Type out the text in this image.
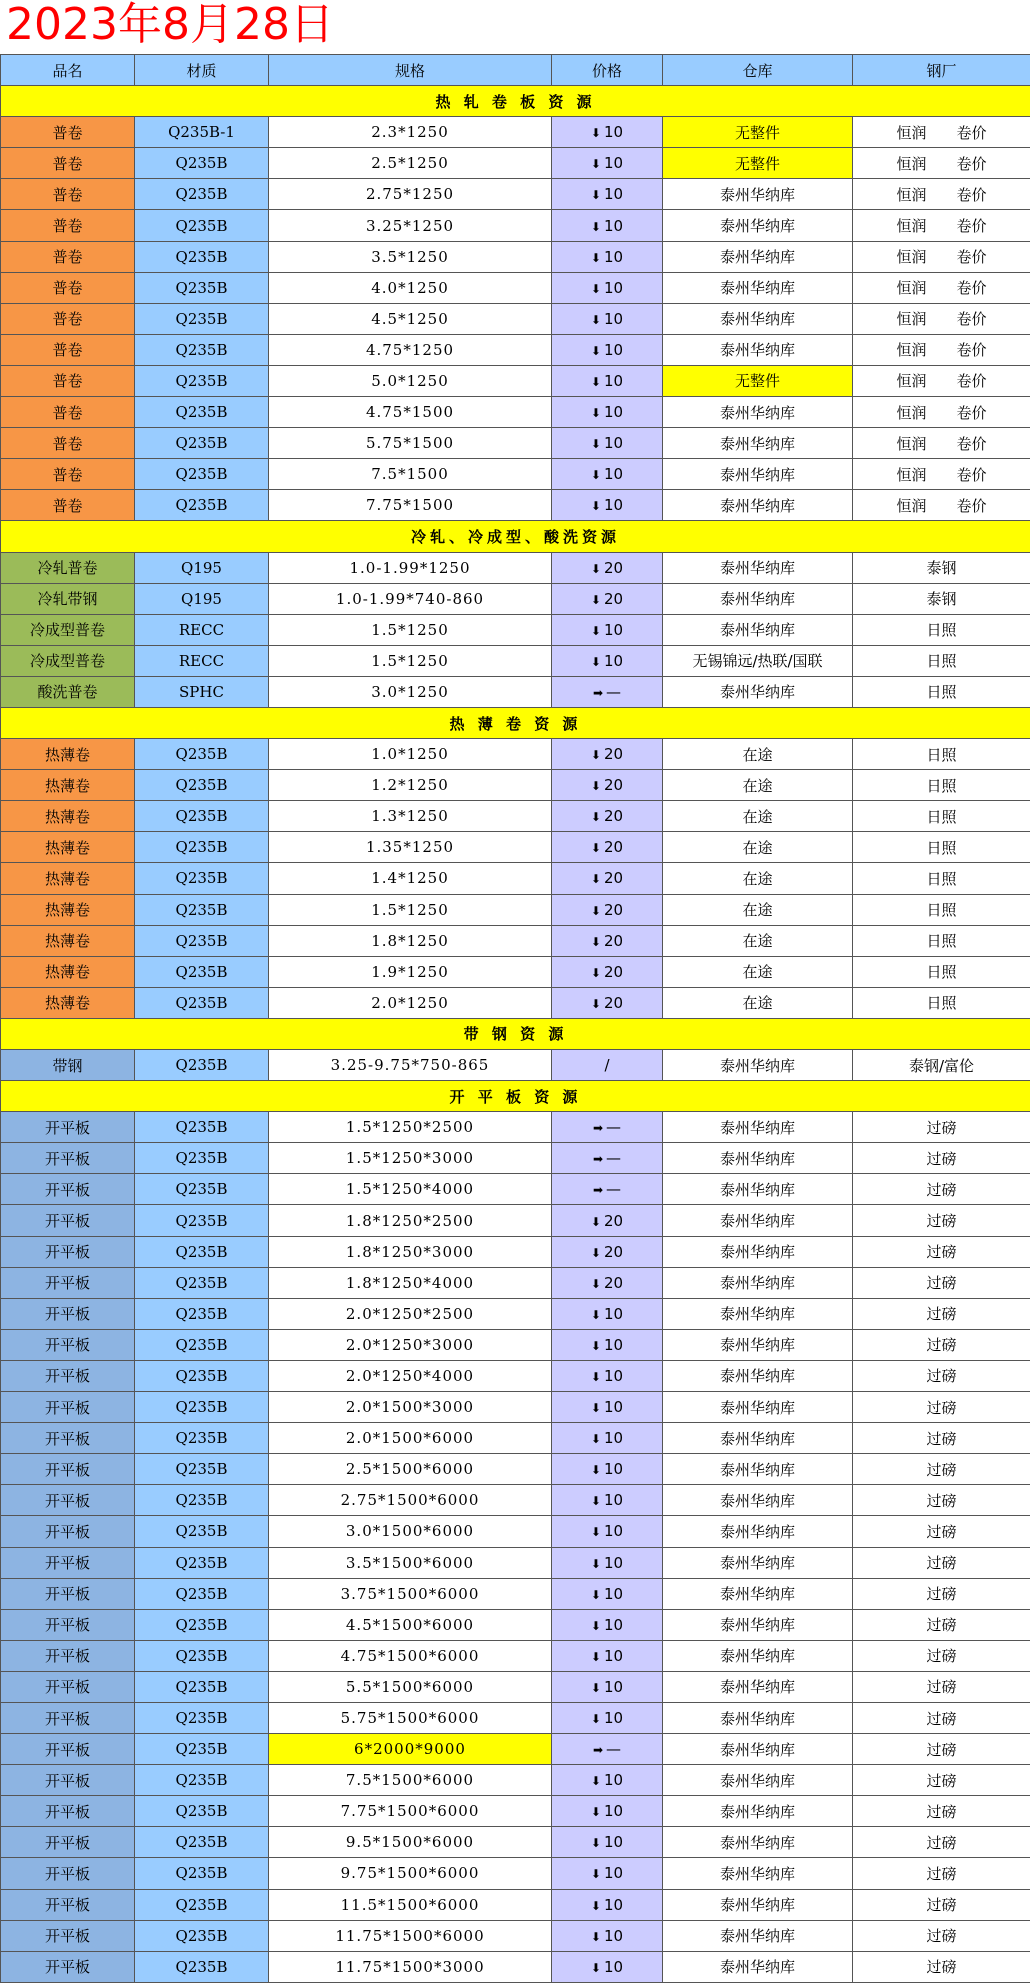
2023年8月28日
品名	材质	规格	价格	仓库	钢厂
热 轧 卷 板 资 源					
普卷	Q235B-1	2.3*1250	⬇ 10	无整件	恒润 卷价
普卷	Q235B	2.5*1250	⬇ 10	无整件	恒润 卷价
普卷	Q235B	2.75*1250	⬇ 10	泰州华纳库	恒润 卷价
普卷	Q235B	3.25*1250	⬇ 10	泰州华纳库	恒润 卷价
普卷	Q235B	3.5*1250	⬇ 10	泰州华纳库	恒润 卷价
普卷	Q235B	4.0*1250	⬇ 10	泰州华纳库	恒润 卷价
普卷	Q235B	4.5*1250	⬇ 10	泰州华纳库	恒润 卷价
普卷	Q235B	4.75*1250	⬇ 10	泰州华纳库	恒润 卷价
普卷	Q235B	5.0*1250	⬇ 10	无整件	恒润 卷价
普卷	Q235B	4.75*1500	⬇ 10	泰州华纳库	恒润 卷价
普卷	Q235B	5.75*1500	⬇ 10	泰州华纳库	恒润 卷价
普卷	Q235B	7.5*1500	⬇ 10	泰州华纳库	恒润 卷价
普卷	Q235B	7.75*1500	⬇ 10	泰州华纳库	恒润 卷价
冷轧、冷成型、酸洗资源					
冷轧普卷	Q195	1.0-1.99*1250	⬇ 20	泰州华纳库	泰钢
冷轧带钢	Q195	1.0-1.99*740-860	⬇ 20	泰州华纳库	泰钢
冷成型普卷	RECC	1.5*1250	⬇ 10	泰州华纳库	日照
冷成型普卷	RECC	1.5*1250	⬇ 10	无锡锦远/热联/国联	日照
酸洗普卷	SPHC	3.0*1250	➡ —	泰州华纳库	日照
热 薄 卷 资 源					
热薄卷	Q235B	1.0*1250	⬇ 20	在途	日照
热薄卷	Q235B	1.2*1250	⬇ 20	在途	日照
热薄卷	Q235B	1.3*1250	⬇ 20	在途	日照
热薄卷	Q235B	1.35*1250	⬇ 20	在途	日照
热薄卷	Q235B	1.4*1250	⬇ 20	在途	日照
热薄卷	Q235B	1.5*1250	⬇ 20	在途	日照
热薄卷	Q235B	1.8*1250	⬇ 20	在途	日照
热薄卷	Q235B	1.9*1250	⬇ 20	在途	日照
热薄卷	Q235B	2.0*1250	⬇ 20	在途	日照
带 钢 资 源					
带钢	Q235B	3.25-9.75*750-865	/	泰州华纳库	泰钢/富伦
开 平 板 资 源					
开平板	Q235B	1.5*1250*2500	➡ —	泰州华纳库	过磅
开平板	Q235B	1.5*1250*3000	➡ —	泰州华纳库	过磅
开平板	Q235B	1.5*1250*4000	➡ —	泰州华纳库	过磅
开平板	Q235B	1.8*1250*2500	⬇ 20	泰州华纳库	过磅
开平板	Q235B	1.8*1250*3000	⬇ 20	泰州华纳库	过磅
开平板	Q235B	1.8*1250*4000	⬇ 20	泰州华纳库	过磅
开平板	Q235B	2.0*1250*2500	⬇ 10	泰州华纳库	过磅
开平板	Q235B	2.0*1250*3000	⬇ 10	泰州华纳库	过磅
开平板	Q235B	2.0*1250*4000	⬇ 10	泰州华纳库	过磅
开平板	Q235B	2.0*1500*3000	⬇ 10	泰州华纳库	过磅
开平板	Q235B	2.0*1500*6000	⬇ 10	泰州华纳库	过磅
开平板	Q235B	2.5*1500*6000	⬇ 10	泰州华纳库	过磅
开平板	Q235B	2.75*1500*6000	⬇ 10	泰州华纳库	过磅
开平板	Q235B	3.0*1500*6000	⬇ 10	泰州华纳库	过磅
开平板	Q235B	3.5*1500*6000	⬇ 10	泰州华纳库	过磅
开平板	Q235B	3.75*1500*6000	⬇ 10	泰州华纳库	过磅
开平板	Q235B	4.5*1500*6000	⬇ 10	泰州华纳库	过磅
开平板	Q235B	4.75*1500*6000	⬇ 10	泰州华纳库	过磅
开平板	Q235B	5.5*1500*6000	⬇ 10	泰州华纳库	过磅
开平板	Q235B	5.75*1500*6000	⬇ 10	泰州华纳库	过磅
开平板	Q235B	6*2000*9000	➡ —	泰州华纳库	过磅
开平板	Q235B	7.5*1500*6000	⬇ 10	泰州华纳库	过磅
开平板	Q235B	7.75*1500*6000	⬇ 10	泰州华纳库	过磅
开平板	Q235B	9.5*1500*6000	⬇ 10	泰州华纳库	过磅
开平板	Q235B	9.75*1500*6000	⬇ 10	泰州华纳库	过磅
开平板	Q235B	11.5*1500*6000	⬇ 10	泰州华纳库	过磅
开平板	Q235B	11.75*1500*6000	⬇ 10	泰州华纳库	过磅
开平板	Q235B	11.75*1500*3000	⬇ 10	泰州华纳库	过磅
